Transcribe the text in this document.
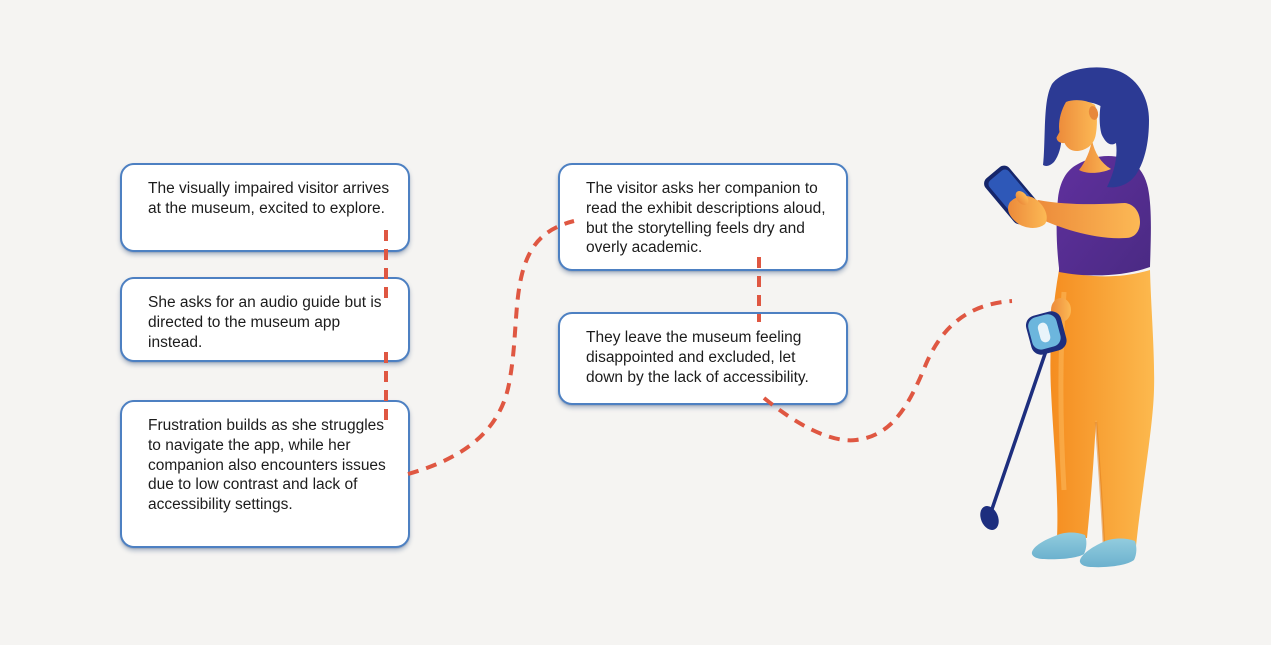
The visually impaired visitor arrives at the museum, excited to explore.

She asks for an audio guide but is directed to the museum app instead.

Frustration builds as she struggles to navigate the app, while her companion also encounters issues due to low contrast and lack of accessibility settings.

The visitor asks her companion to read the exhibit descriptions aloud, but the storytelling feels dry and overly academic.

They leave the museum feeling disappointed and excluded, let down by the lack of accessibility.
